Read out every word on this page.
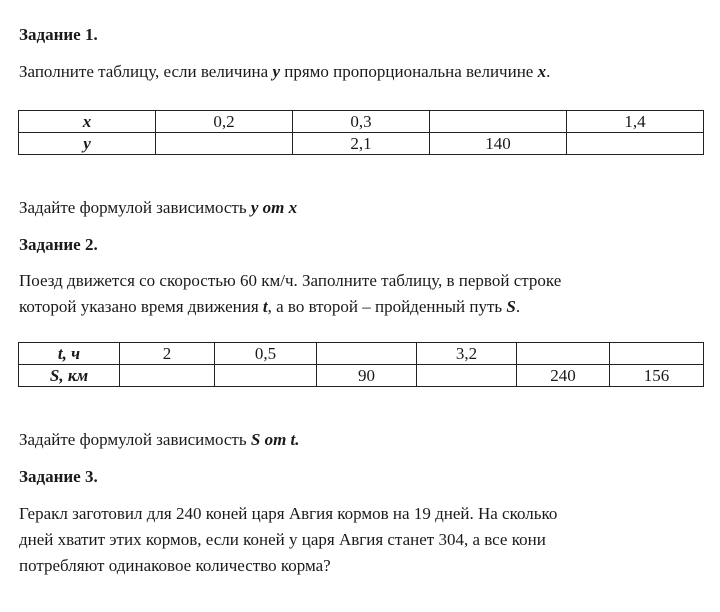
Задание 1.
Заполните таблицу, если величина y прямо пропорциональна величине x.
x	0,2	0,3		1,4
y		2,1	140	
Задайте формулой зависимость y от x
Задание 2.
Поезд движется со скоростью 60 км/ч. Заполните таблицу, в первой строке
которой указано время движения t, а во второй – пройденный путь S.
t, ч	2	0,5		3,2		
S, км			90		240	156
Задайте формулой зависимость S от t.
Задание 3.
Геракл заготовил для 240 коней царя Авгия кормов на 19 дней. На сколько
дней хватит этих кормов, если коней у царя Авгия станет 304, а все кони
потребляют одинаковое количество корма?
